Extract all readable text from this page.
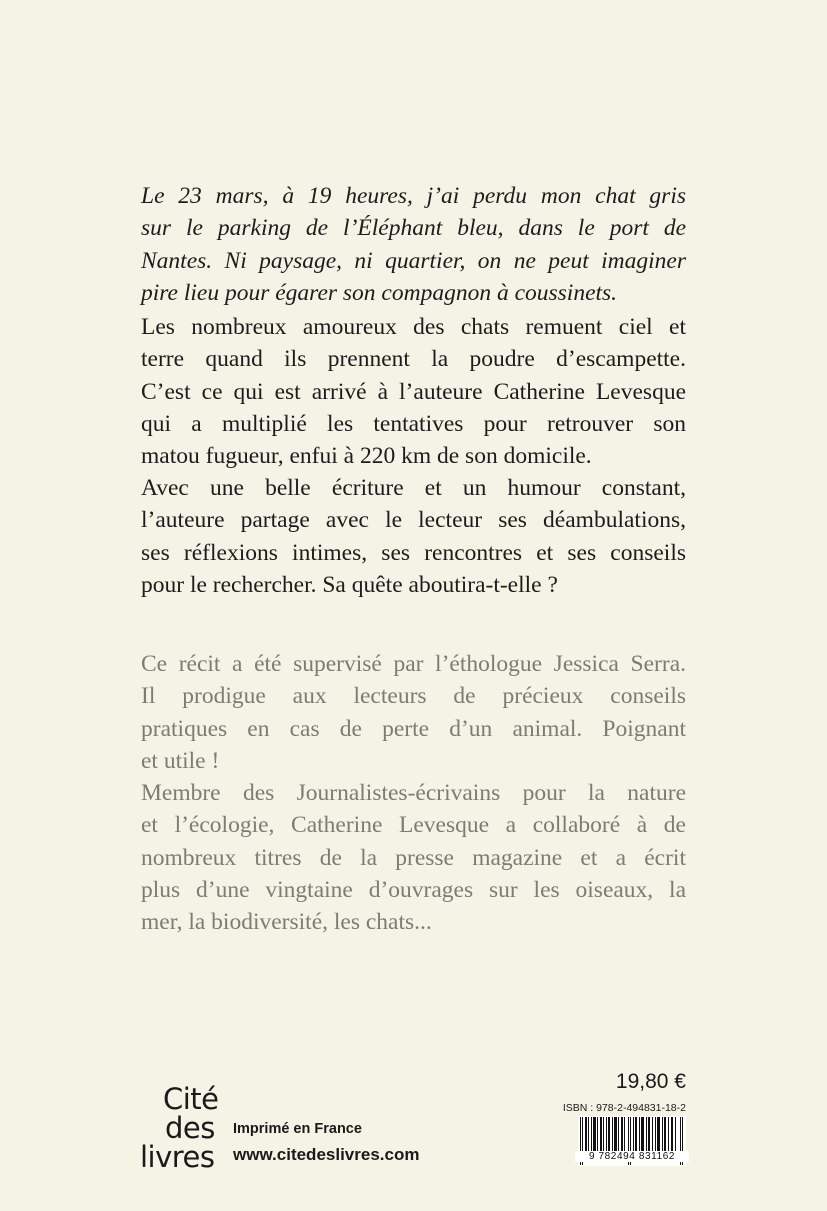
Le 23 mars, à 19 heures, j’ai perdu mon chat gris
sur le parking de l’Éléphant bleu, dans le port de
Nantes. Ni paysage, ni quartier, on ne peut imaginer
pire lieu pour égarer son compagnon à coussinets.

Les nombreux amoureux des chats remuent ciel et
terre quand ils prennent la poudre d’escampette.
C’est ce qui est arrivé à l’auteure Catherine Levesque
qui a multiplié les tentatives pour retrouver son
matou fugueur, enfui à 220 km de son domicile.

Avec une belle écriture et un humour constant,
l’auteure partage avec le lecteur ses déambulations,
ses réflexions intimes, ses rencontres et ses conseils
pour le rechercher. Sa quête aboutira-t-elle ?

Ce récit a été supervisé par l’éthologue Jessica Serra.
Il prodigue aux lecteurs de précieux conseils
pratiques en cas de perte d’un animal. Poignant
et utile !

Membre des Journalistes-écrivains pour la nature
et l’écologie, Catherine Levesque a collaboré à de
nombreux titres de la presse magazine et a écrit
plus d’une vingtaine d’ouvrages sur les oiseaux, la
mer, la biodiversité, les chats...

Cité
des
livres
Imprimé en France
www.citedeslivres.com
19,80 €
ISBN : 978-2-494831-18-2
9 782494 831162
